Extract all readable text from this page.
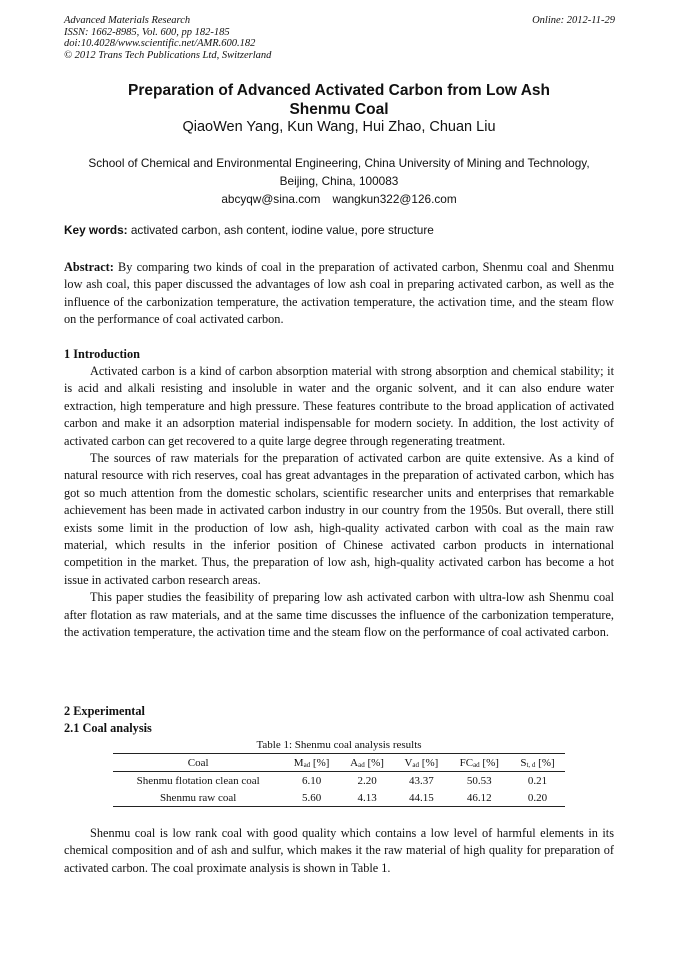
Advanced Materials Research
ISSN: 1662-8985, Vol. 600, pp 182-185
doi:10.4028/www.scientific.net/AMR.600.182
© 2012 Trans Tech Publications Ltd, Switzerland
Online: 2012-11-29
Preparation of Advanced Activated Carbon from Low Ash
Shenmu Coal
QiaoWen Yang, Kun Wang, Hui Zhao, Chuan Liu
School of Chemical and Environmental Engineering, China University of Mining and Technology,
Beijing, China, 100083
abcyqw@sina.com wangkun322@126.com
Key words: activated carbon, ash content, iodine value, pore structure
Abstract: By comparing two kinds of coal in the preparation of activated carbon, Shenmu coal and Shenmu low ash coal, this paper discussed the advantages of low ash coal in preparing activated carbon, as well as the influence of the carbonization temperature, the activation temperature, the activation time, and the steam flow on the performance of coal activated carbon.
1 Introduction

Activated carbon is a kind of carbon absorption material with strong absorption and chemical stability; it is acid and alkali resisting and insoluble in water and the organic solvent, and it can also endure water extraction, high temperature and high pressure. These features contribute to the broad application of activated carbon and make it an adsorption material indispensable for modern society. In addition, the lost activity of activated carbon can get recovered to a quite large degree through regenerating treatment.

The sources of raw materials for the preparation of activated carbon are quite extensive. As a kind of natural resource with rich reserves, coal has great advantages in the preparation of activated carbon, which has got so much attention from the domestic scholars, scientific researcher units and enterprises that remarkable achievement has been made in activated carbon industry in our country from the 1950s. But overall, there still exists some limit in the production of low ash, high-quality activated carbon with coal as the main raw material, which results in the inferior position of Chinese activated carbon products in international competition in the market. Thus, the preparation of low ash, high-quality activated carbon has become a hot issue in activated carbon research areas.

This paper studies the feasibility of preparing low ash activated carbon with ultra-low ash Shenmu coal after flotation as raw materials, and at the same time discusses the influence of the carbonization temperature, the activation temperature, the activation time and the steam flow on the performance of coal activated carbon.

2 Experimental
2.1 Coal analysis
Table 1: Shenmu coal analysis results
Coal	$M_{ad}$ [%]	$A_{ad}$ [%]	$V_{ad}$ [%]	$FC_{ad}$ [%]	$S_{t, d}$ [%]
Shenmu flotation clean coal	6.10	2.20	43.37	50.53	0.21
Shenmu raw coal	5.60	4.13	44.15	46.12	0.20

Shenmu coal is low rank coal with good quality which contains a low level of harmful elements in its chemical composition and of ash and sulfur, which makes it the raw material of high quality for preparation of activated carbon. The coal proximate analysis is shown in Table 1.
